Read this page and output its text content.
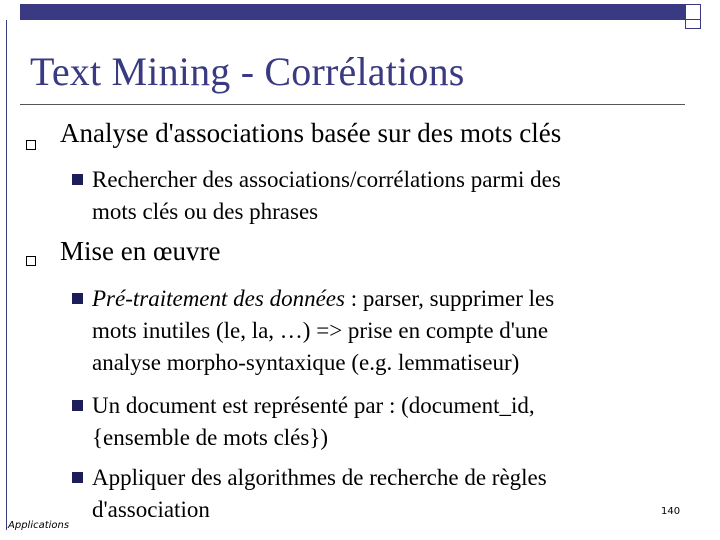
Text Mining - Corrélations
Analyse d'associations basée sur des mots clés
Rechercher des associations/corrélations parmi des
mots clés ou des phrases
Mise en œuvre
Pré-traitement des données : parser, supprimer les
mots inutiles (le, la, …) => prise en compte d'une
analyse morpho-syntaxique (e.g. lemmatiseur)
Un document est représenté par : (document_id,
{ensemble de mots clés})
Appliquer des algorithmes de recherche de règles
d'association
Applications
140
